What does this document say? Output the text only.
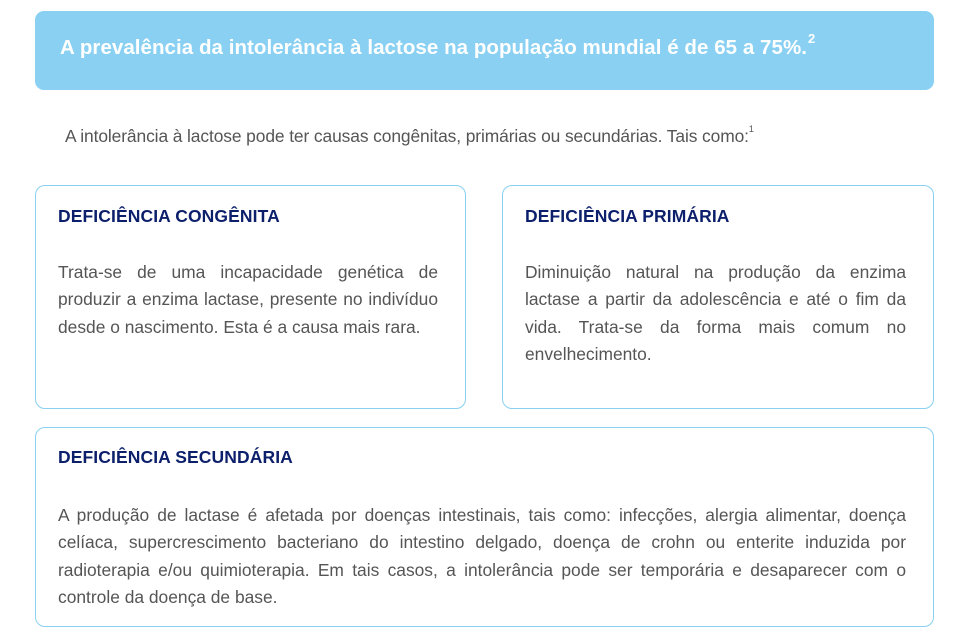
A prevalência da intolerância à lactose na população mundial é de 65 a 75%.$^2$
A intolerância à lactose pode ter causas congênitas, primárias ou secundárias. Tais como:$^1$
DEFICIÊNCIA CONGÊNITA
Trata-se de uma incapacidade genética de produzir a enzima lactase, presente no indivíduo desde o nascimento. Esta é a causa mais rara.
DEFICIÊNCIA PRIMÁRIA
Diminuição natural na produção da enzima lactase a partir da adolescência e até o fim da vida. Trata-se da forma mais comum no envelhecimento.
DEFICIÊNCIA SECUNDÁRIA
A produção de lactase é afetada por doenças intestinais, tais como: infecções, alergia alimentar, doença celíaca, supercrescimento bacteriano do intestino delgado, doença de crohn ou enterite induzida por radioterapia e/ou quimioterapia. Em tais casos, a intolerância pode ser temporária e desaparecer com o controle da doença de base.
